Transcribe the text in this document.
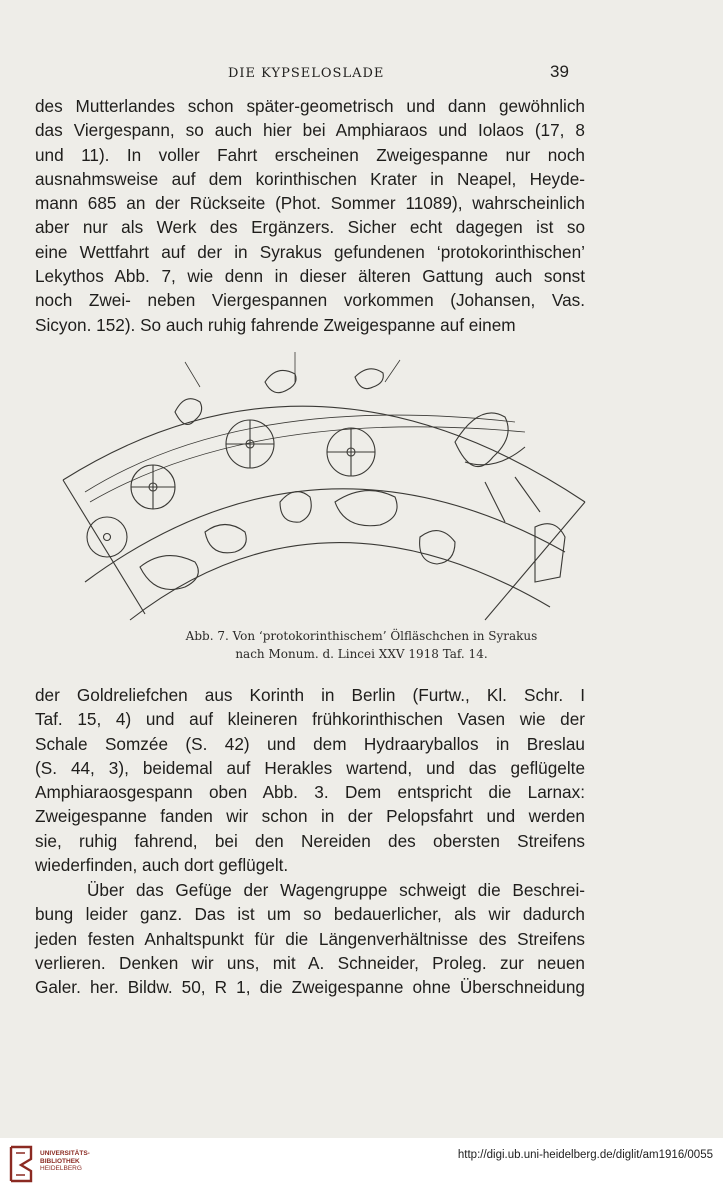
DIE KYPSELOSLADE	39
des Mutterlandes schon später-geometrisch und dann gewöhnlich
das Viergespann, so auch hier bei Amphiaraos und Iolaos (17, 8
und 11). In voller Fahrt erscheinen Zweigespanne nur noch
ausnahmsweise auf dem korinthischen Krater in Neapel, Heyde-
mann 685 an der Rückseite (Phot. Sommer 11089), wahrscheinlich
aber nur als Werk des Ergänzers. Sicher echt dagegen ist so
eine Wettfahrt auf der in Syrakus gefundenen ‘protokorinthischen’
Lekythos Abb. 7, wie denn in dieser älteren Gattung auch sonst
noch Zwei- neben Viergespannen vorkommen (Johansen, Vas.
Sicyon. 152). So auch ruhig fahrende Zweigespanne auf einem
Abb. 7. Von ‘protokorinthischem’ Ölfläschchen in Syrakus
nach Monum. d. Lincei XXV 1918 Taf. 14.
der Goldreliefchen aus Korinth in Berlin (Furtw., Kl. Schr. I
Taf. 15, 4) und auf kleineren frühkorinthischen Vasen wie der
Schale Somzée (S. 42) und dem Hydraaryballos in Breslau
(S. 44, 3), beidemal auf Herakles wartend, und das geflügelte
Amphiaraosgespann oben Abb. 3. Dem entspricht die Larnax:
Zweigespanne fanden wir schon in der Pelopsfahrt und werden
sie, ruhig fahrend, bei den Nereiden des obersten Streifens
wiederfinden, auch dort geflügelt.
Über das Gefüge der Wagengruppe schweigt die Beschrei-
bung leider ganz. Das ist um so bedauerlicher, als wir dadurch
jeden festen Anhaltspunkt für die Längenverhältnisse des Streifens
verlieren. Denken wir uns, mit A. Schneider, Proleg. zur neuen
Galer. her. Bildw. 50, R 1, die Zweigespanne ohne Überschneidung
UNIVERSITÄTS-
BIBLIOTHEK
HEIDELBERG
http://digi.ub.uni-heidelberg.de/diglit/am1916/0055
